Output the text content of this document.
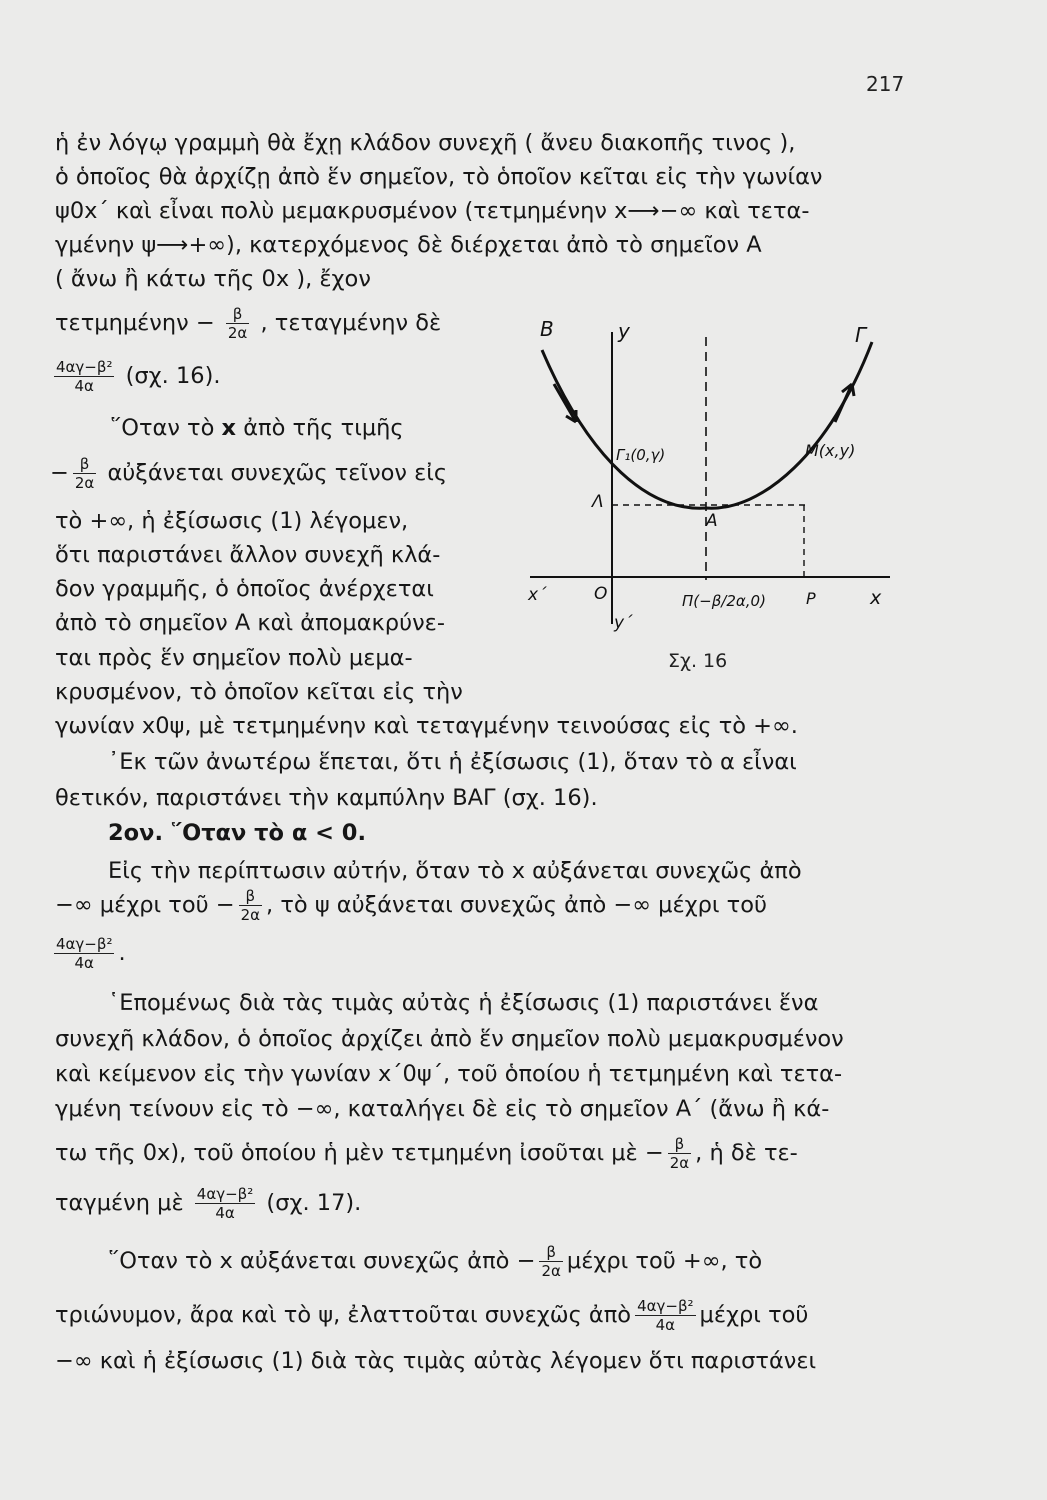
217
ἡ ἐν λόγῳ γραμμὴ θὰ ἔχῃ κλάδον συνεχῆ ( ἄνευ διακοπῆς τινος ),
ὁ ὁποῖος θὰ ἀρχίζῃ ἀπὸ ἕν σημεῖον, τὸ ὁποῖον κεῖται εἰς τὴν γωνίαν
ψ0x΄ καὶ εἶναι πολὺ μεμακρυσμένον (τετμημένην x⟶−∞ καὶ τετα-
γμένην ψ⟶+∞), κατερχόμενος δὲ διέρχεται ἀπὸ τὸ σημεῖον Α
( ἄνω ἢ κάτω τῆς 0x ), ἔχον
$\tau\varepsilon\tau\mu\eta\mu έ\nu\eta\nu - \frac{\beta}{2\alpha}$ , τεταγμένην δὲ
$\frac{\text{4αγ−β²}}{4\alpha} (\sigma\chi$. 16).
῞Οταν τὸ x ἀπὸ τῆς τιμῆς
− $\frac{\beta}{2\alpha}$ αὐξάνεται συνεχῶς τεῖνον εἰς
τὸ +∞, ἡ ἐξίσωσις (1) λέγομεν,
ὅτι παριστάνει ἄλλον συνεχῆ κλά-
δον γραμμῆς, ὁ ὁποῖος ἀνέρχεται
ἀπὸ τὸ σημεῖον Α καὶ ἀπομακρύνε-
ται πρὸς ἕν σημεῖον πολὺ μεμα-
κρυσμένον, τὸ ὁποῖον κεῖται εἰς τὴν
γωνίαν x0ψ, μὲ τετμημένην καὶ τεταγμένην τεινούσας εἰς τὸ +∞.
᾿Εκ τῶν ἀνωτέρω ἕπεται, ὅτι ἡ ἐξίσωσις (1), ὅταν τὸ α εἶναι
θετικόν, παριστάνει τὴν καμπύλην ΒΑΓ (σχ. 16).
2ον. ῞Οταν τὸ α < 0.
Εἰς τὴν περίπτωσιν αὐτήν, ὅταν τὸ x αὐξάνεται συνεχῶς ἀπὸ
−∞ μέχρι τοῦ − $\frac{\beta}{2\alpha}$ , τὸ ψ αὐξάνεται συνεχῶς ἀπὸ −∞ μέχρι τοῦ
$\frac{\text{4αγ−β²}}{4\alpha}$ .
῾Επομένως διὰ τὰς τιμὰς αὐτὰς ἡ ἐξίσωσις (1) παριστάνει ἕνα
συνεχῆ κλάδον, ὁ ὁποῖος ἀρχίζει ἀπὸ ἕν σημεῖον πολὺ μεμακρυσμένον
καὶ κείμενον εἰς τὴν γωνίαν x΄0ψ΄, τοῦ ὁποίου ἡ τετμημένη καὶ τετα-
γμένη τείνουν εἰς τὸ −∞, καταλήγει δὲ εἰς τὸ σημεῖον Α΄ (ἄνω ἢ κά-
τω τῆς 0x), τοῦ ὁποίου ἡ μὲν τετμημένη ἰσοῦται μὲ − $\frac{\beta}{2\alpha}$ , ἡ δὲ τε-
ταγμένη μὲ $\frac{\text{4αγ−β²}}{4\alpha} (\sigma\chi$. 17).
῞Οταν τὸ x αὐξάνεται συνεχῶς ἀπὸ − $\frac{\beta}{2\alpha}$ μέχρι τοῦ +∞, τὸ
τριώνυμον, ἄρα καὶ τὸ ψ, ἐλαττοῦται συνεχῶς ἀπὸ $\frac{\text{4αγ−β²}}{4\alpha}$ μέχρι τοῦ
−∞ καὶ ἡ ἐξίσωσις (1) διὰ τὰς τιμὰς αὐτὰς λέγομεν ὅτι παριστάνει
Β	y	Γ
Γ₁(0,γ)	M(x,y)
Λ
A
x΄	O	Π(−β/2α,0)	P	x
y΄
Σχ. 16
